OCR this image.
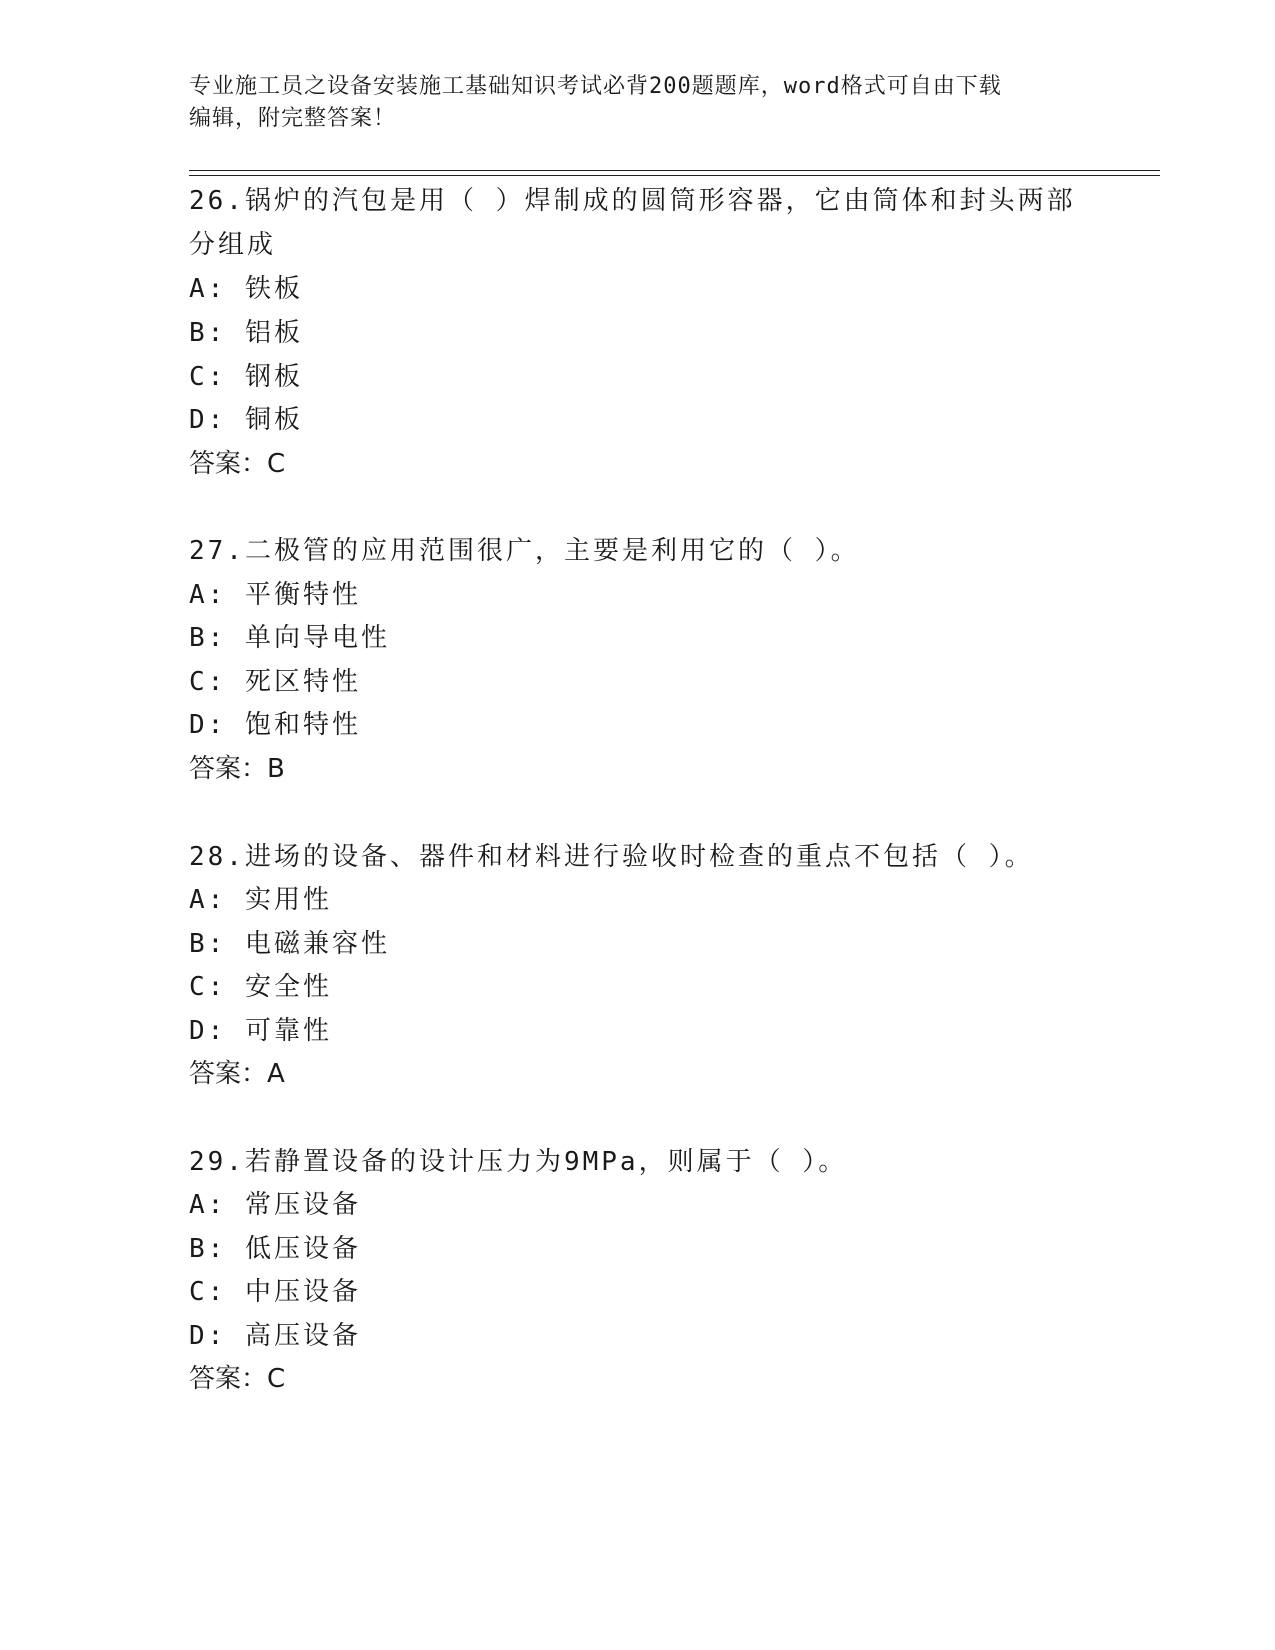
专业施工员之设备安装施工基础知识考试必背200题题库，word格式可自由下载
编辑，附完整答案！
26.锅炉的汽包是用（ ）焊制成的圆筒形容器，它由筒体和封头两部
分组成
A: 铁板
B: 铝板
C: 钢板
D: 铜板
答案：C
27.二极管的应用范围很广，主要是利用它的（ ）。
A: 平衡特性
B: 单向导电性
C: 死区特性
D: 饱和特性
答案：B
28.进场的设备、器件和材料进行验收时检查的重点不包括（ ）。
A: 实用性
B: 电磁兼容性
C: 安全性
D: 可靠性
答案：A
29.若静置设备的设计压力为9MPa，则属于（ ）。
A: 常压设备
B: 低压设备
C: 中压设备
D: 高压设备
答案：C
